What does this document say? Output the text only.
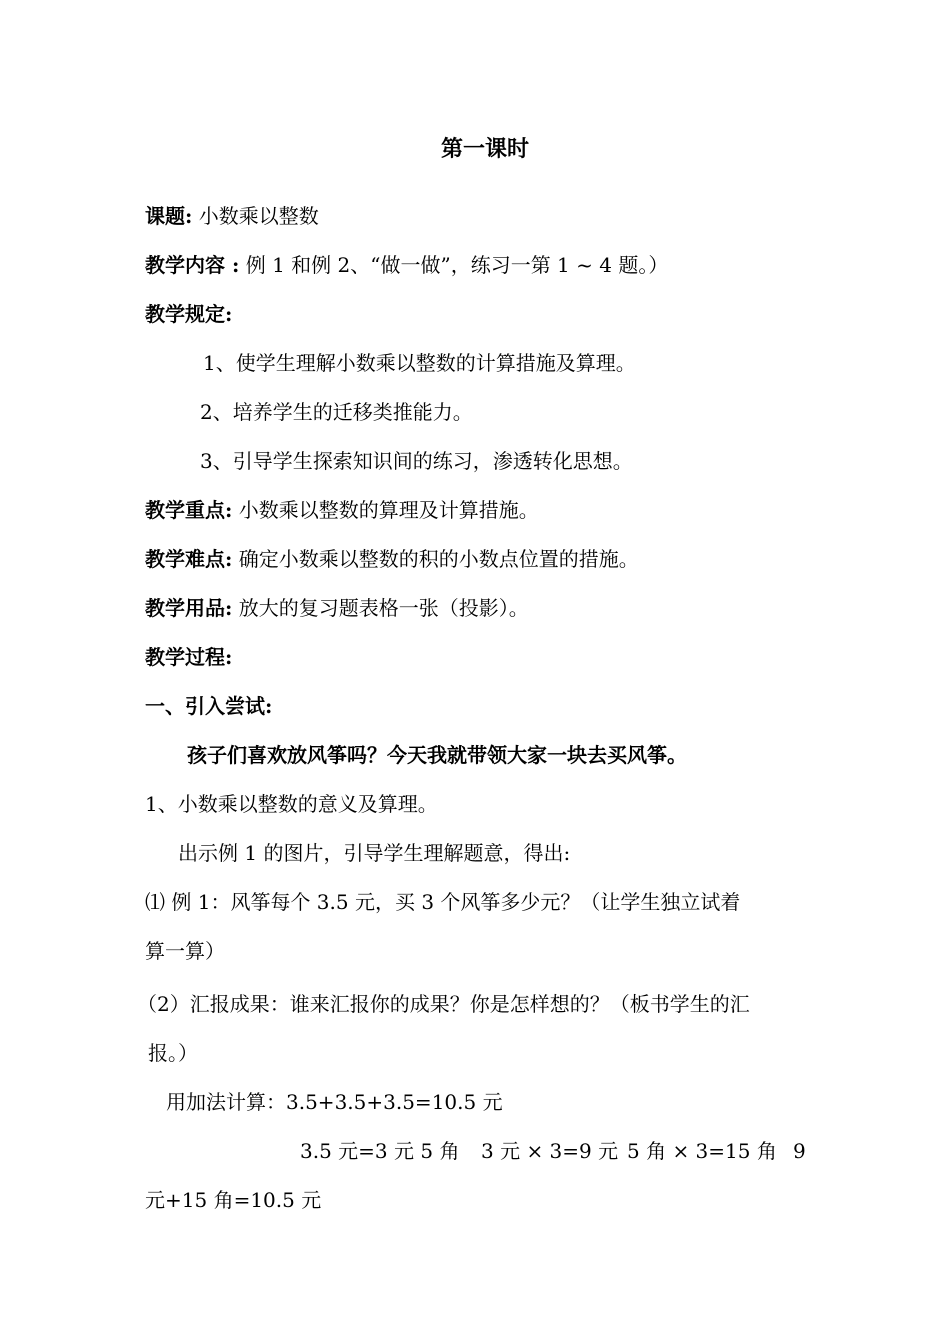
第一课时
课题: 小数乘以整数
教学内容 : 例 1 和例 2、“做一做”，练习一第 1 ~ 4 题。）
教学规定:
1、使学生理解小数乘以整数的计算措施及算理。
2、培养学生的迁移类推能力。
3、引导学生探索知识间的练习，渗透转化思想。
教学重点: 小数乘以整数的算理及计算措施。
教学难点: 确定小数乘以整数的积的小数点位置的措施。
教学用品: 放大的复习题表格一张（投影）。
教学过程:
一、引入尝试:
孩子们喜欢放风筝吗？今天我就带领大家一块去买风筝。
1、小数乘以整数的意义及算理。
出示例 1 的图片，引导学生理解题意，得出:
⑴ 例 1：风筝每个 3.5 元，买 3 个风筝多少元？（让学生独立试着
算一算）
（2）汇报成果：谁来汇报你的成果？你是怎样想的？（板书学生的汇
报。）
用加法计算：3.5+3.5+3.5=10.5 元
3.5 元=3 元 5 角 3 元 × 3=9 元 5 角 × 3=15 角 9
元+15 角=10.5 元
